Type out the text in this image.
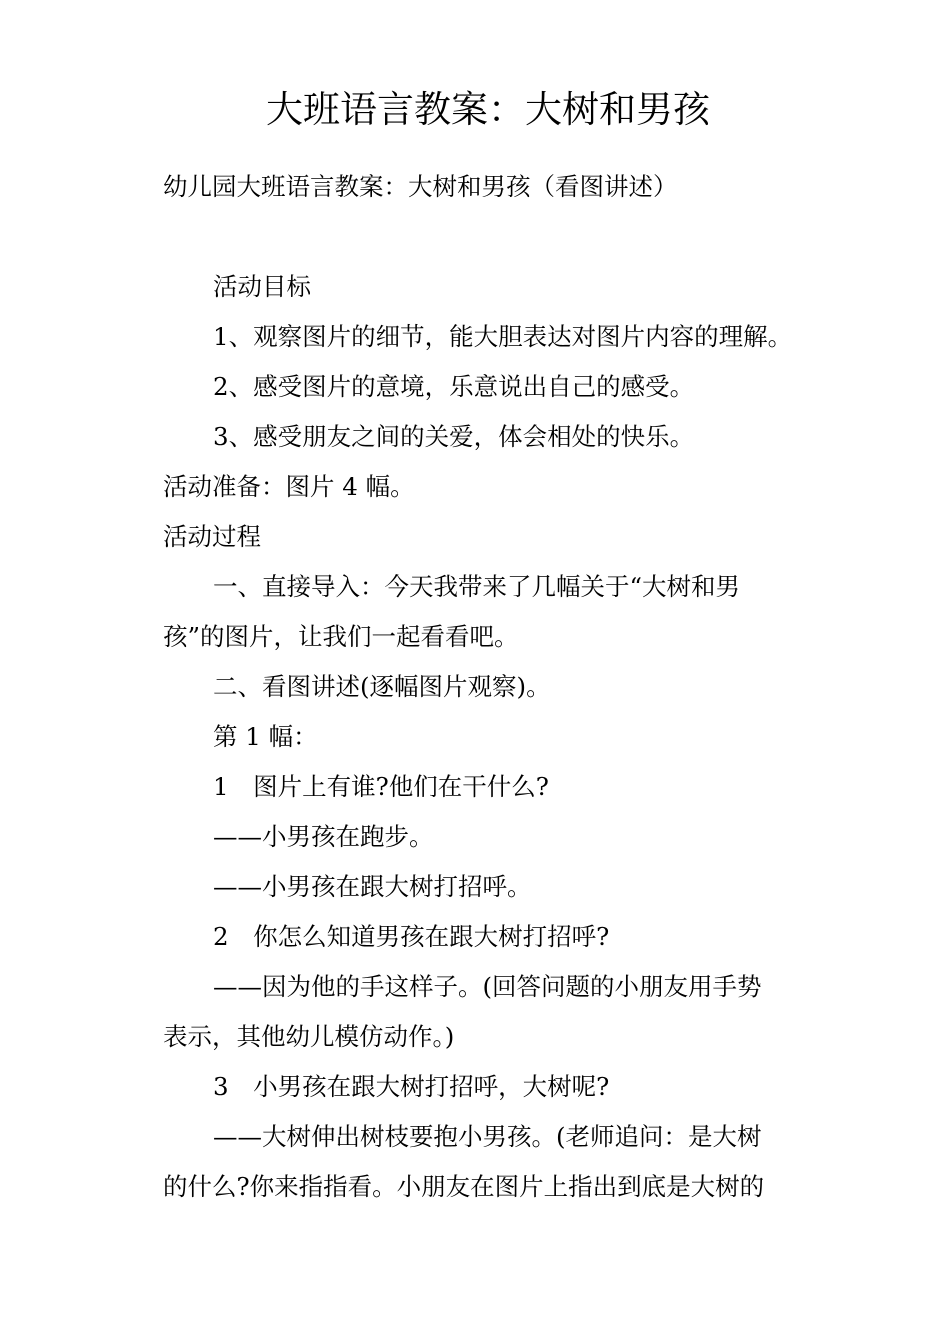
大班语言教案：大树和男孩
幼儿园大班语言教案：大树和男孩（看图讲述）
活动目标
1、观察图片的细节，能大胆表达对图片内容的理解。
2、感受图片的意境，乐意说出自己的感受。
3、感受朋友之间的关爱，体会相处的快乐。
活动准备：图片 4 幅。
活动过程
一、直接导入：今天我带来了几幅关于“大树和男
孩”的图片，让我们一起看看吧。
二、看图讲述(逐幅图片观察)。
第 1 幅：
1　图片上有谁?他们在干什么?
——小男孩在跑步。
——小男孩在跟大树打招呼。
2　你怎么知道男孩在跟大树打招呼?
——因为他的手这样子。(回答问题的小朋友用手势
表示，其他幼儿模仿动作。)
3　小男孩在跟大树打招呼，大树呢?
——大树伸出树枝要抱小男孩。(老师追问：是大树
的什么?你来指指看。小朋友在图片上指出到底是大树的
